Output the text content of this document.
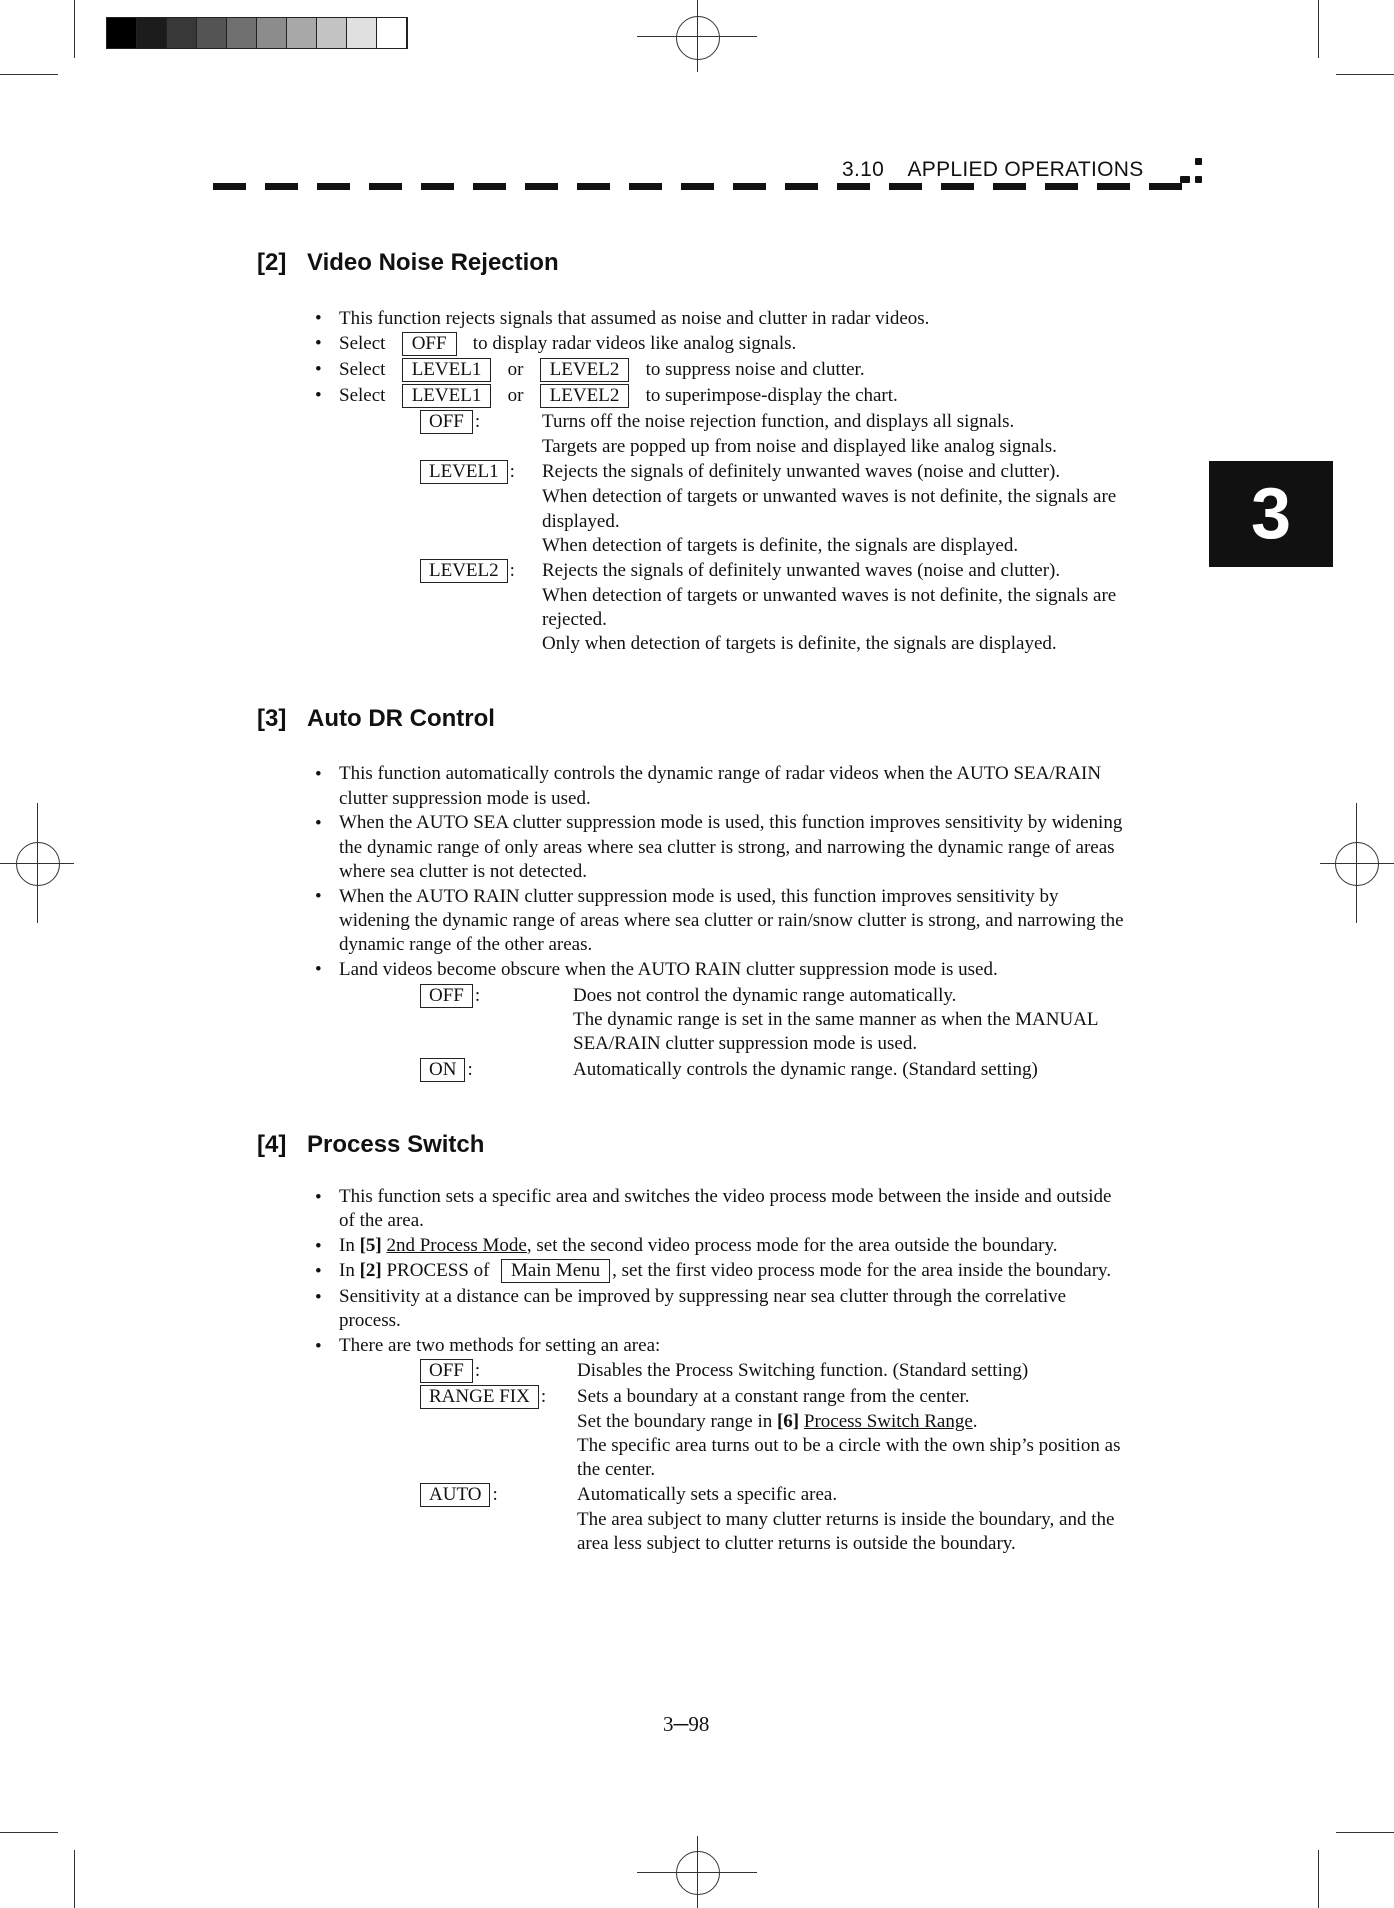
3.10 APPLIED OPERATIONS
3
[2] Video Noise Rejection
• This function rejects signals that assumed as noise and clutter in radar videos.
• Select OFF to display radar videos like analog signals.
• Select LEVEL1 or LEVEL2 to suppress noise and clutter.
• Select LEVEL1 or LEVEL2 to superimpose-display the chart.
OFF :	Turns off the noise rejection function, and displays all signals.
Targets are popped up from noise and displayed like analog signals.
LEVEL1 : Rejects the signals of definitely unwanted waves (noise and clutter).
When detection of targets or unwanted waves is not definite, the signals are
displayed.
When detection of targets is definite, the signals are displayed.
LEVEL2 : Rejects the signals of definitely unwanted waves (noise and clutter).
When detection of targets or unwanted waves is not definite, the signals are
rejected.
Only when detection of targets is definite, the signals are displayed.
[3] Auto DR Control
• This function automatically controls the dynamic range of radar videos when the AUTO SEA/RAIN
clutter suppression mode is used.
• When the AUTO SEA clutter suppression mode is used, this function improves sensitivity by widening
the dynamic range of only areas where sea clutter is strong, and narrowing the dynamic range of areas
where sea clutter is not detected.
• When the AUTO RAIN clutter suppression mode is used, this function improves sensitivity by
widening the dynamic range of areas where sea clutter or rain/snow clutter is strong, and narrowing the
dynamic range of the other areas.
• Land videos become obscure when the AUTO RAIN clutter suppression mode is used.
OFF :	Does not control the dynamic range automatically.
The dynamic range is set in the same manner as when the MANUAL
SEA/RAIN clutter suppression mode is used.
ON :	Automatically controls the dynamic range. (Standard setting)
[4] Process Switch
• This function sets a specific area and switches the video process mode between the inside and outside
of the area.
• In [5] 2nd Process Mode, set the second video process mode for the area outside the boundary.
• In [2] PROCESS of Main Menu , set the first video process mode for the area inside the boundary.
• Sensitivity at a distance can be improved by suppressing near sea clutter through the correlative
process.
• There are two methods for setting an area:
OFF :	Disables the Process Switching function. (Standard setting)
RANGE FIX : Sets a boundary at a constant range from the center.
Set the boundary range in [6] Process Switch Range.
The specific area turns out to be a circle with the own ship’s position as
the center.
AUTO :	Automatically sets a specific area.
The area subject to many clutter returns is inside the boundary, and the
area less subject to clutter returns is outside the boundary.
3─98
